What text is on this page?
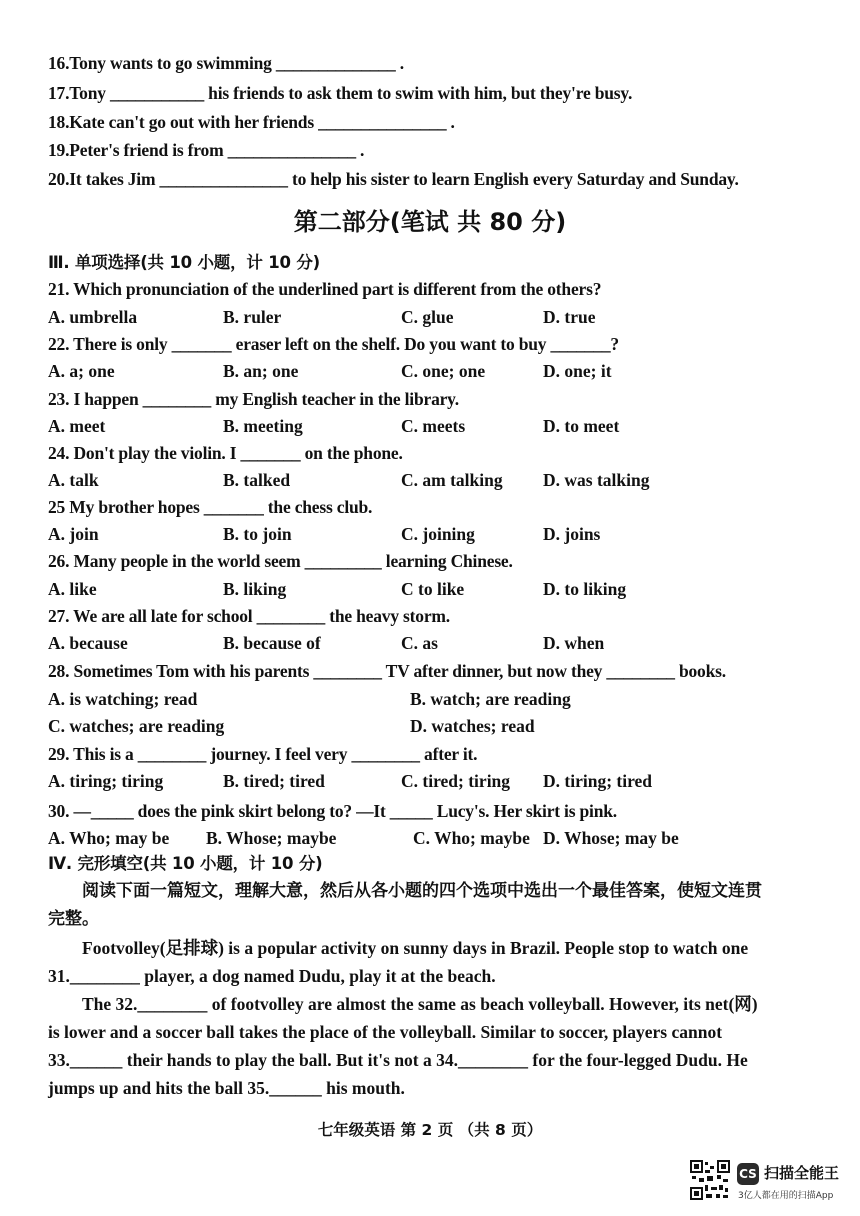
16.Tony wants to go swimming ______________ .
17.Tony ___________ his friends to ask them to swim with him, but they're busy.
18.Kate can't go out with her friends _______________ .
19.Peter's friend is from _______________ .
20.It takes Jim _______________ to help his sister to learn English every Saturday and Sunday.
第二部分(笔试 共 80 分)
Ⅲ. 单项选择(共 10 小题，计 10 分)
21. Which pronunciation of the underlined part is different from the others?
A. umbrella	B. ruler	C. glue	D. true
22. There is only _______ eraser left on the shelf. Do you want to buy _______?
A. a; one	B. an; one	C. one; one	D. one; it
23. I happen ________ my English teacher in the library.
A. meet	B. meeting	C. meets	D. to meet
24. Don't play the violin. I _______ on the phone.
A. talk	B. talked	C. am talking D. was talking
25 My brother hopes _______ the chess club.
A. join	B. to join	C. joining	D. joins
26. Many people in the world seem _________ learning Chinese.
A. like	B. liking	C to like	D. to liking
27. We are all late for school ________ the heavy storm.
A. because	B. because of	C. as	D. when
28. Sometimes Tom with his parents ________ TV after dinner, but now they ________ books.
A. is watching; read	B. watch; are reading
C. watches; are reading	D. watches; read
29. This is a ________ journey. I feel very ________ after it.
A. tiring; tiring	B. tired; tired	C. tired; tiring D. tiring; tired
30. —_____ does the pink skirt belong to? —It _____ Lucy's. Her skirt is pink.
A. Who; may be B. Whose; maybe	C. Who; maybe D. Whose; may be
Ⅳ. 完形填空(共 10 小题，计 10 分)
阅读下面一篇短文，理解大意，然后从各小题的四个选项中选出一个最佳答案，使短文连贯完整。
Footvolley(足排球) is a popular activity on sunny days in Brazil. People stop to watch one 31.________ player, a dog named Dudu, play it at the beach.
The 32.________ of footvolley are almost the same as beach volleyball. However, its net(网) is lower and a soccer ball takes the place of the volleyball. Similar to soccer, players cannot 33.______ their hands to play the ball. But it's not a 34.________ for the four-legged Dudu. He jumps up and hits the ball 35.______ his mouth.
七年级英语 第 2 页 （共 8 页）
CS 扫描全能王
3亿人都在用的扫描App
